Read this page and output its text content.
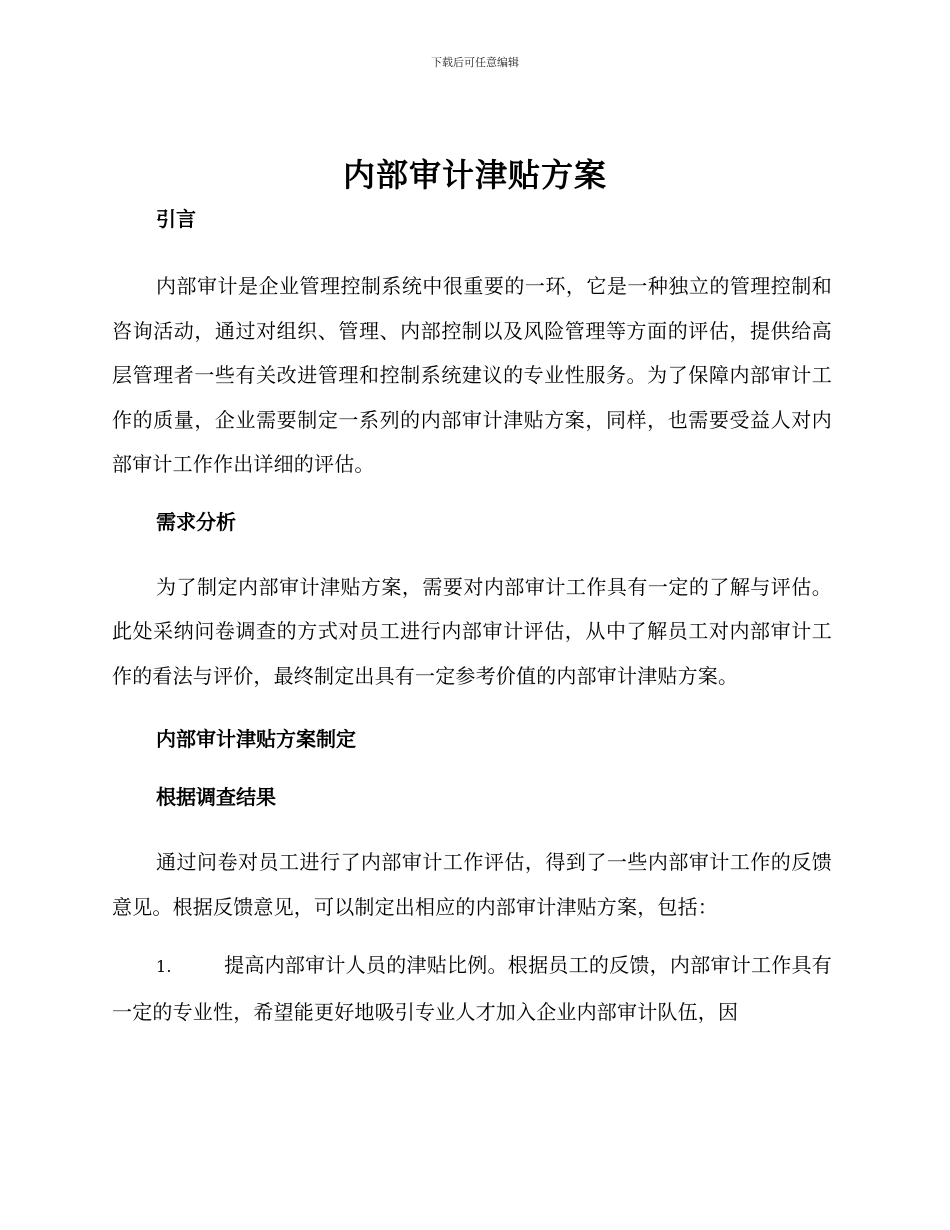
下载后可任意编辑
内部审计津贴方案

引言

内部审计是企业管理控制系统中很重要的一环，它是一种独立的管理控制和咨询活动，通过对组织、管理、内部控制以及风险管理等方面的评估，提供给高层管理者一些有关改进管理和控制系统建议的专业性服务。为了保障内部审计工作的质量，企业需要制定一系列的内部审计津贴方案，同样，也需要受益人对内部审计工作作出详细的评估。

需求分析

为了制定内部审计津贴方案，需要对内部审计工作具有一定的了解与评估。此处采纳问卷调查的方式对员工进行内部审计评估，从中了解员工对内部审计工作的看法与评价，最终制定出具有一定参考价值的内部审计津贴方案。

内部审计津贴方案制定

根据调查结果

通过问卷对员工进行了内部审计工作评估，得到了一些内部审计工作的反馈意见。根据反馈意见，可以制定出相应的内部审计津贴方案，包括：

1.	提高内部审计人员的津贴比例。根据员工的反馈，内部审计工作具有一定的专业性，希望能更好地吸引专业人才加入企业内部审计队伍，因
